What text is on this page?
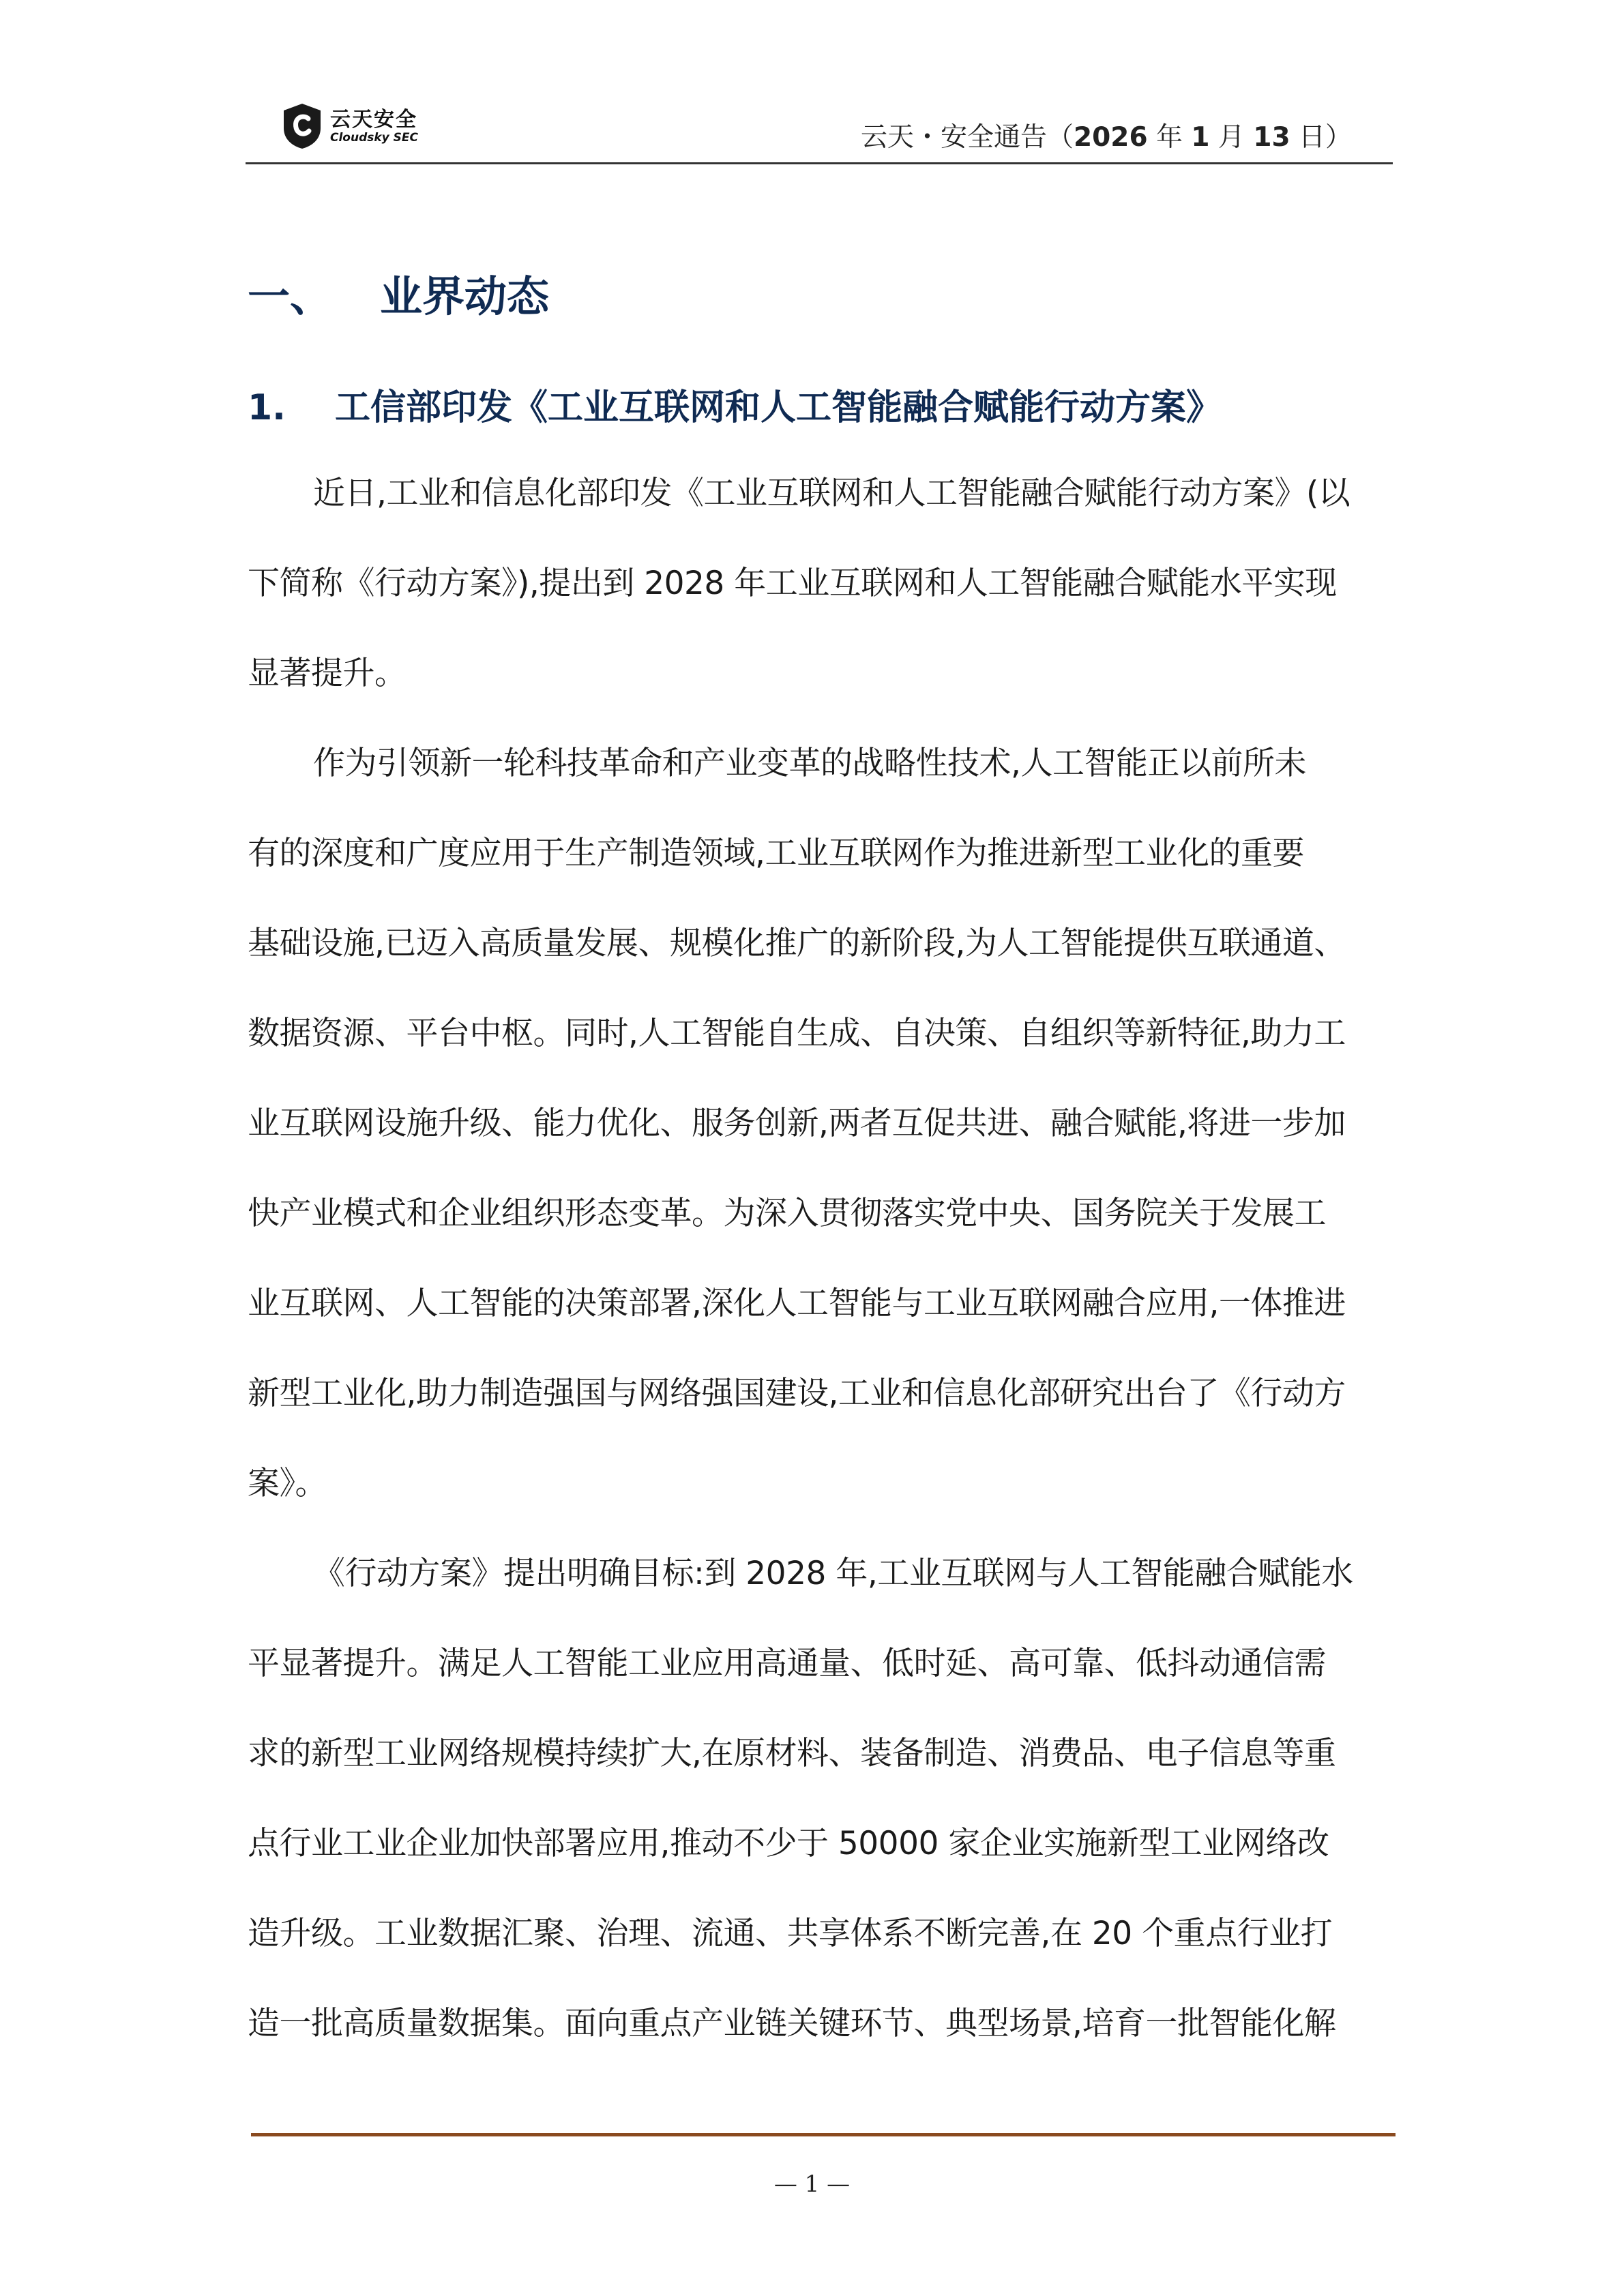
云天安全
Cloudsky SEC	云天・安全通告（2026 年 1 月 13 日）
一、 业界动态
1. 工信部印发《工业互联网和人工智能融合赋能行动方案》
近日,工业和信息化部印发《工业互联网和人工智能融合赋能行动方案》(以
下简称《行动方案》),提出到 2028 年工业互联网和人工智能融合赋能水平实现
显著提升。
作为引领新一轮科技革命和产业变革的战略性技术,人工智能正以前所未
有的深度和广度应用于生产制造领域,工业互联网作为推进新型工业化的重要
基础设施,已迈入高质量发展、规模化推广的新阶段,为人工智能提供互联通道、
数据资源、平台中枢。同时,人工智能自生成、自决策、自组织等新特征,助力工
业互联网设施升级、能力优化、服务创新,两者互促共进、融合赋能,将进一步加
快产业模式和企业组织形态变革。为深入贯彻落实党中央、国务院关于发展工
业互联网、人工智能的决策部署,深化人工智能与工业互联网融合应用,一体推进
新型工业化,助力制造强国与网络强国建设,工业和信息化部研究出台了《行动方
案》。
《行动方案》提出明确目标:到 2028 年,工业互联网与人工智能融合赋能水
平显著提升。满足人工智能工业应用高通量、低时延、高可靠、低抖动通信需
求的新型工业网络规模持续扩大,在原材料、装备制造、消费品、电子信息等重
点行业工业企业加快部署应用,推动不少于 50000 家企业实施新型工业网络改
造升级。工业数据汇聚、治理、流通、共享体系不断完善,在 20 个重点行业打
造一批高质量数据集。面向重点产业链关键环节、典型场景,培育一批智能化解
— 1 —
